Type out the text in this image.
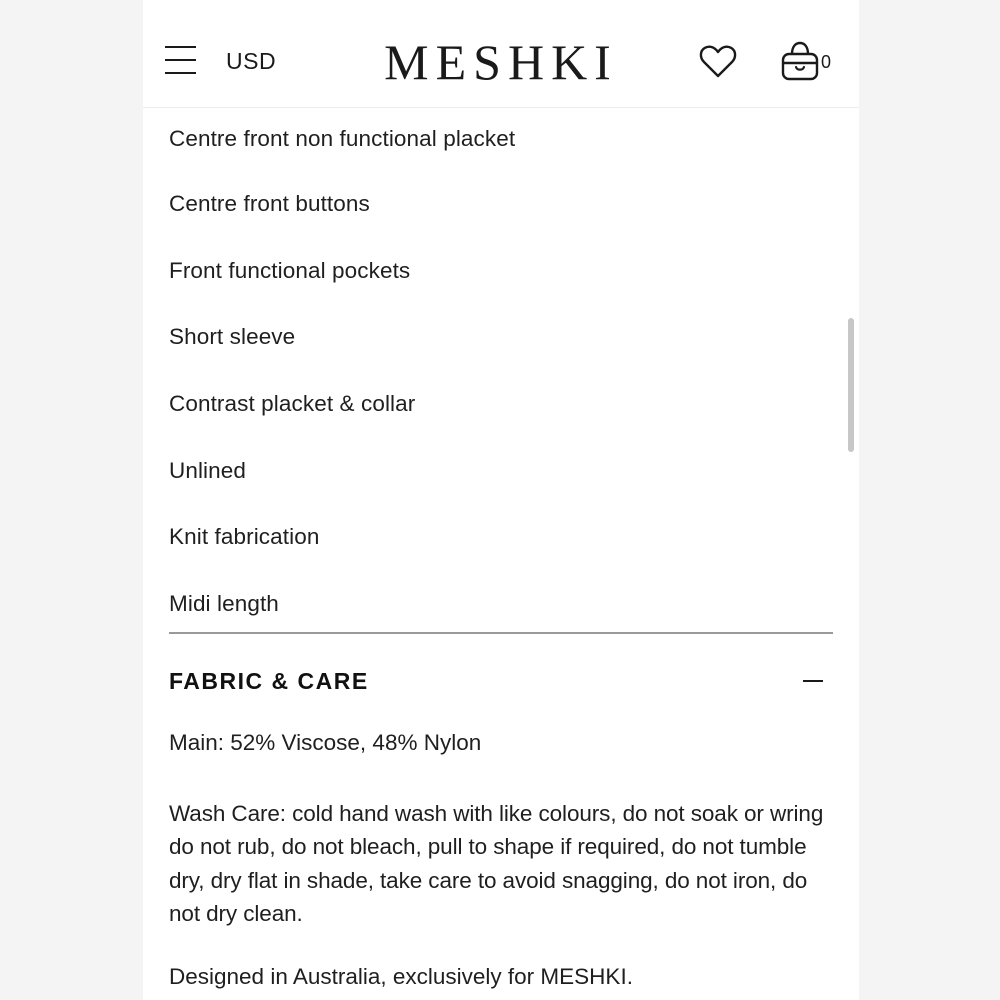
USD	MESHKI	0
Centre front non functional placket
Centre front buttons
Front functional pockets
Short sleeve
Contrast placket & collar
Unlined
Knit fabrication
Midi length
FABRIC & CARE
Main: 52% Viscose, 48% Nylon
Wash Care: cold hand wash with like colours, do not soak or wring do not rub, do not bleach, pull to shape if required, do not tumble dry, dry flat in shade, take care to avoid snagging, do not iron, do not dry clean.
Designed in Australia, exclusively for MESHKI.
